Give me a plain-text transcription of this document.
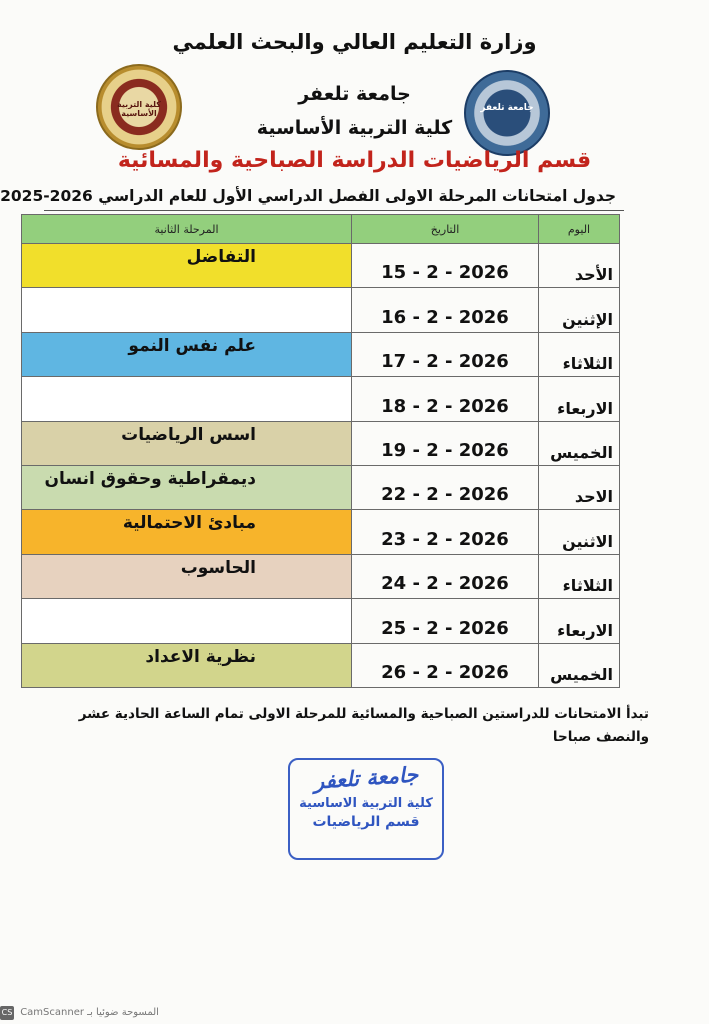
وزارة التعليم العالي والبحث العلمي
جامعة تلعفر
كلية التربية الأساسية
جامعة تلعفر
كلية التربية الأساسية
قسم الرياضيات الدراسة الصباحية والمسائية
جدول امتحانات المرحلة الاولى الفصل الدراسي الأول للعام الدراسي 2026-2025
اليوم	التاريخ	المرحلة الثانية
الأحد	15 - 2 - 2026	التفاضل
الإثنين	16 - 2 - 2026	
الثلاثاء	17 - 2 - 2026	علم نفس النمو
الاربعاء	18 - 2 - 2026	
الخميس	19 - 2 - 2026	اسس الرياضيات
الاحد	22 - 2 - 2026	ديمقراطية وحقوق انسان
الاثنين	23 - 2 - 2026	مبادئ الاحتمالية
الثلاثاء	24 - 2 - 2026	الحاسوب
الاربعاء	25 - 2 - 2026	
الخميس	26 - 2 - 2026	نظرية الاعداد
تبدأ الامتحانات للدراستين الصباحية والمسائية للمرحلة الاولى تمام الساعة الحادية عشر والنصف صباحا
جامعة تلعفر
كلية التربية الاساسية
قسم الرياضيات
CS CamScanner المسوحة ضوئيا بـ
